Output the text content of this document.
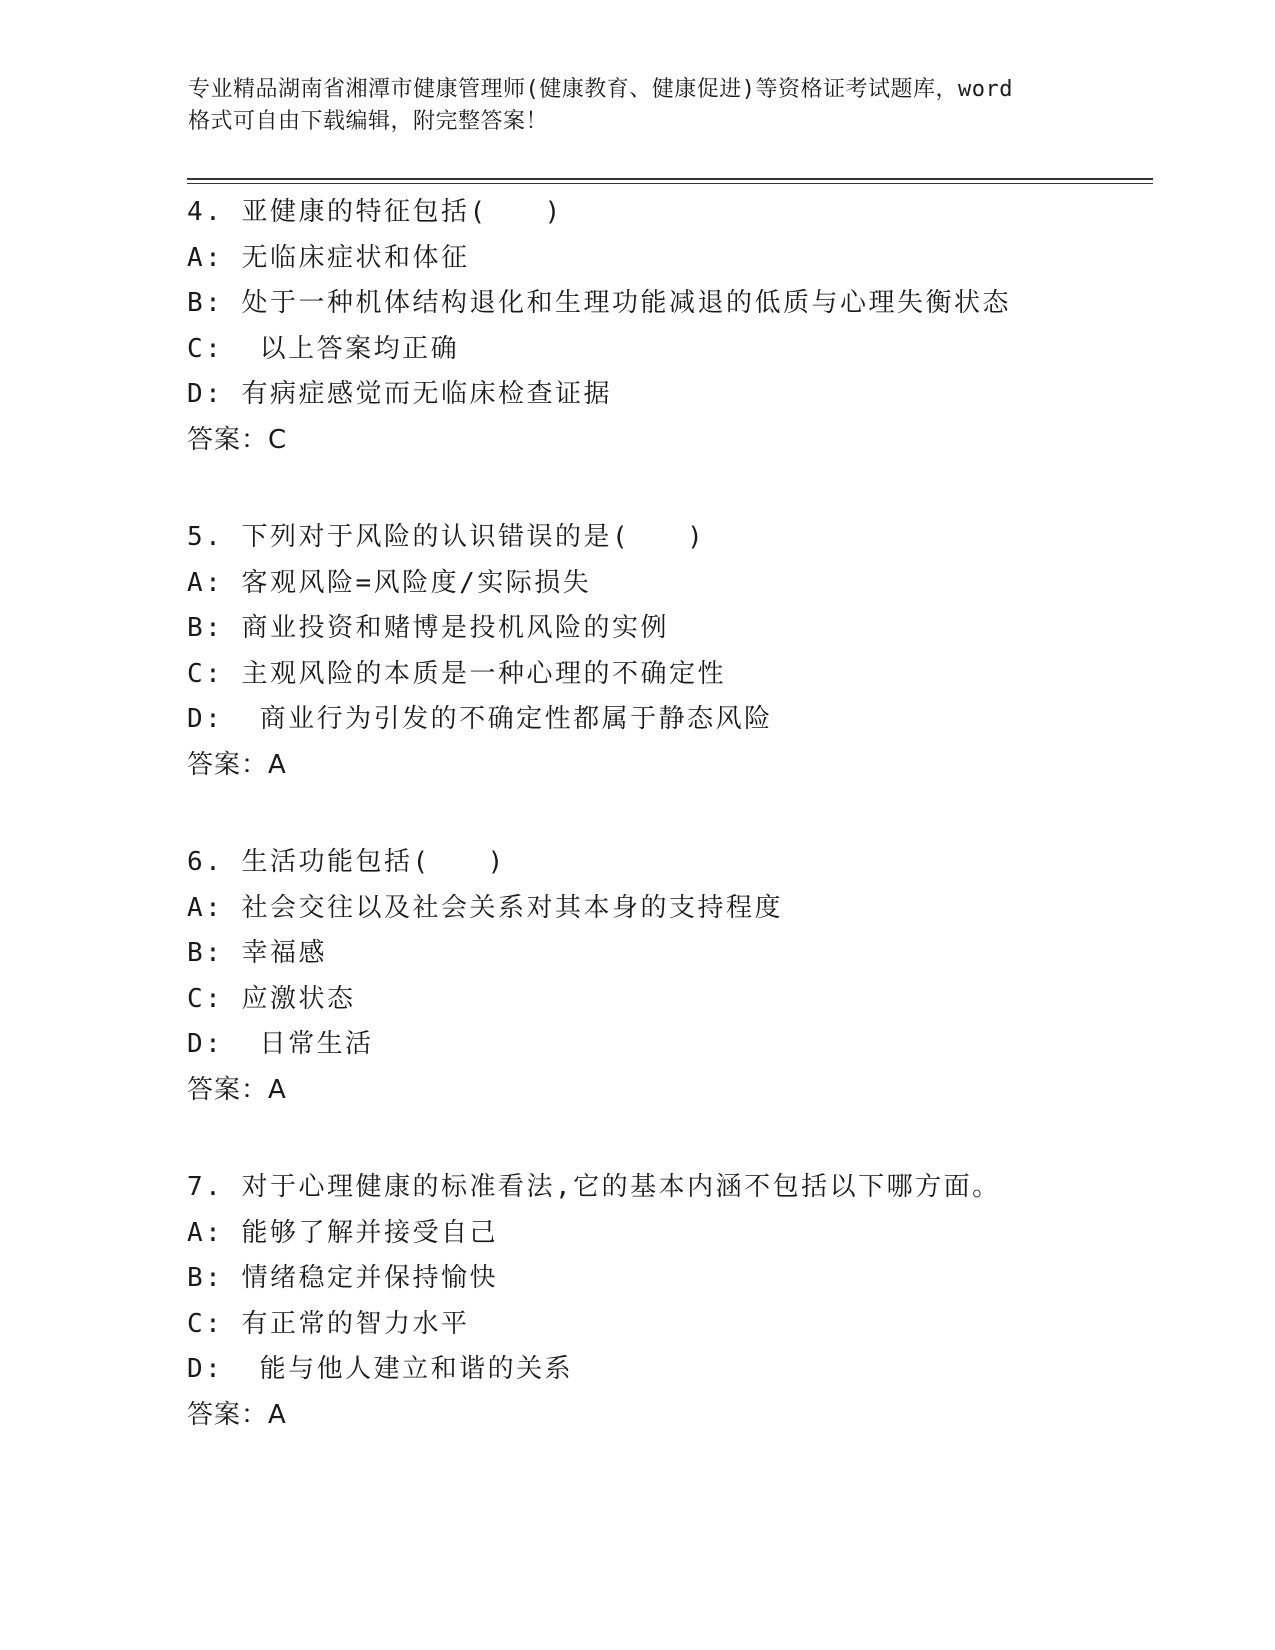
专业精品湖南省湘潭市健康管理师(健康教育、健康促进)等资格证考试题库，word
格式可自由下载编辑，附完整答案！
4. 亚健康的特征包括(　　)
A: 无临床症状和体征
B: 处于一种机体结构退化和生理功能减退的低质与心理失衡状态
C:  以上答案均正确
D: 有病症感觉而无临床检查证据
答案：C
5. 下列对于风险的认识错误的是(　　)
A: 客观风险=风险度/实际损失
B: 商业投资和赌博是投机风险的实例
C: 主观风险的本质是一种心理的不确定性
D:  商业行为引发的不确定性都属于静态风险
答案：A
6. 生活功能包括(　　)
A: 社会交往以及社会关系对其本身的支持程度
B: 幸福感
C: 应激状态
D:  日常生活
答案：A
7. 对于心理健康的标准看法,它的基本内涵不包括以下哪方面。
A: 能够了解并接受自己
B: 情绪稳定并保持愉快
C: 有正常的智力水平
D:  能与他人建立和谐的关系
答案：A
